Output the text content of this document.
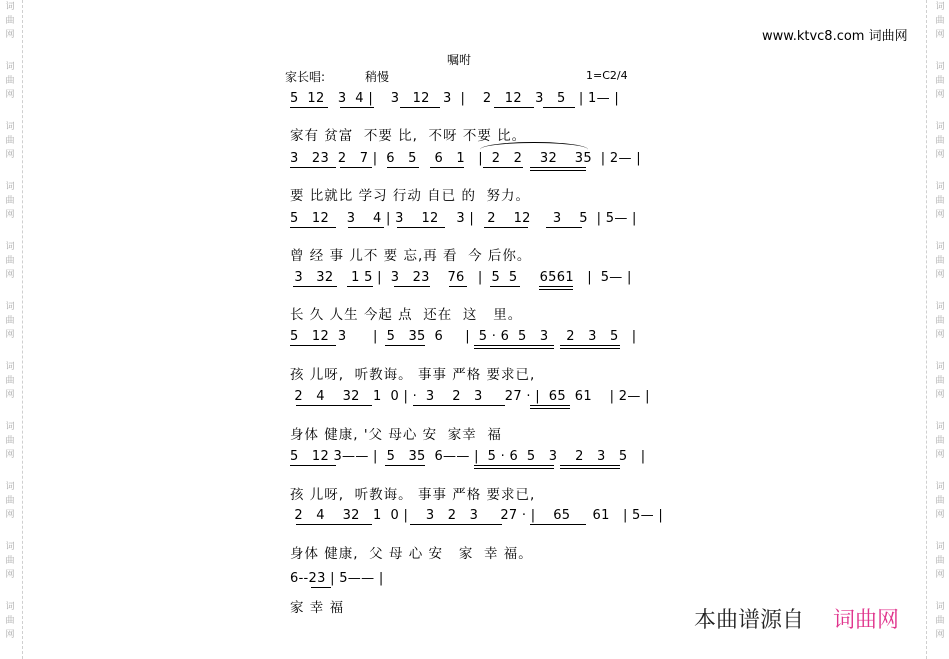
词
曲
网
词
曲
网
词
曲
网
词
曲
网
词
曲
网
词
曲
网
词
曲
网
词
曲
网
词
曲
网
词
曲
网
词
曲
网
词
曲
网
词
曲
网
词
曲
网
词
曲
网
词
曲
网
词
曲
网
词
曲
网
词
曲
网
词
曲
网
词
曲
网
词
曲
网
www.ktvc8.com 词曲网
嘱咐
家长唱:	稍慢	1=C2/4
5  12   3  4 |    3   12   3  |    2   12   3   5   | 1— |
家有 贫富  不要 比,  不呀 不要 比。
3   23  2   7 |  6   5    6   1   |  2   2    32    35  | 2— |
要 比就比 学习 行动 自已 的  努力。
5   12    3    4 | 3    12    3 |   2    12     3    5  | 5— |
曾 经 事 儿不 要 忘,再 看  今 后你。
3   32    1 5 |  3   23    76   |  5  5     6561   |  5— |
长 久 人生 今起 点  还在  这   里。
5   12  3      |  5   35  6     |  5 · 6  5   3    2   3   5   |
孩 儿呀,  听教诲。 事事 严格 要求已,
2   4    32   1  0 | ·  3    2   3     27 · |  65  61    | 2— |
身体 健康, '父 母心 安  家幸  福
5   12 3—— |  5   35  6—— |  5 · 6  5   3    2   3   5   |
孩 儿呀,  听教诲。 事事 严格 要求已,
2   4    32   1  0 |    3   2   3     27 · |    65     61   | 5— |
身体 健康,  父 母 心 安   家  幸 福。
6--23 | 5—— |
家 幸 福	本曲谱源自 词曲网
